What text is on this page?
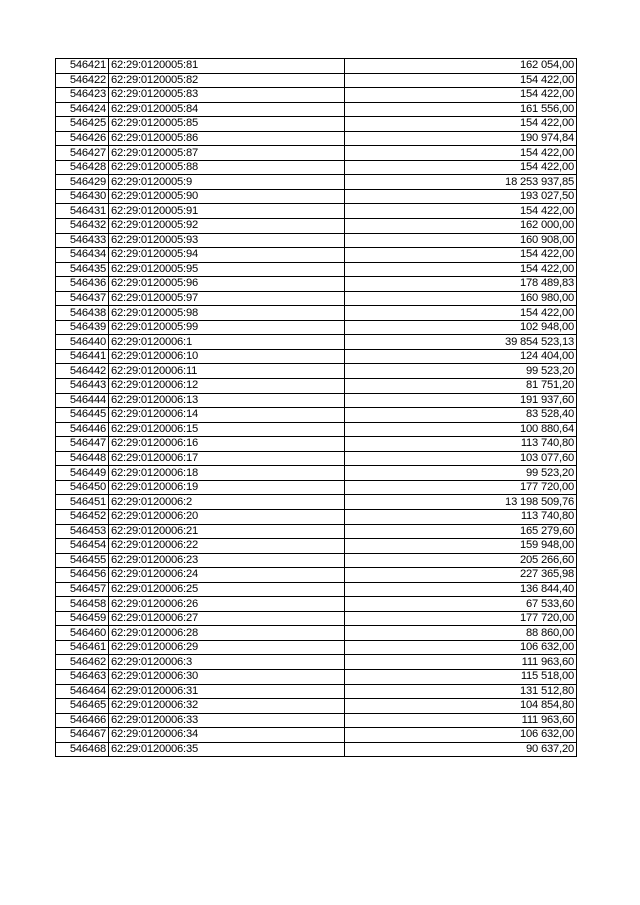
546421	62:29:0120005:81	162 054,00
546422	62:29:0120005:82	154 422,00
546423	62:29:0120005:83	154 422,00
546424	62:29:0120005:84	161 556,00
546425	62:29:0120005:85	154 422,00
546426	62:29:0120005:86	190 974,84
546427	62:29:0120005:87	154 422,00
546428	62:29:0120005:88	154 422,00
546429	62:29:0120005:9	18 253 937,85
546430	62:29:0120005:90	193 027,50
546431	62:29:0120005:91	154 422,00
546432	62:29:0120005:92	162 000,00
546433	62:29:0120005:93	160 908,00
546434	62:29:0120005:94	154 422,00
546435	62:29:0120005:95	154 422,00
546436	62:29:0120005:96	178 489,83
546437	62:29:0120005:97	160 980,00
546438	62:29:0120005:98	154 422,00
546439	62:29:0120005:99	102 948,00
546440	62:29:0120006:1	39 854 523,13
546441	62:29:0120006:10	124 404,00
546442	62:29:0120006:11	99 523,20
546443	62:29:0120006:12	81 751,20
546444	62:29:0120006:13	191 937,60
546445	62:29:0120006:14	83 528,40
546446	62:29:0120006:15	100 880,64
546447	62:29:0120006:16	113 740,80
546448	62:29:0120006:17	103 077,60
546449	62:29:0120006:18	99 523,20
546450	62:29:0120006:19	177 720,00
546451	62:29:0120006:2	13 198 509,76
546452	62:29:0120006:20	113 740,80
546453	62:29:0120006:21	165 279,60
546454	62:29:0120006:22	159 948,00
546455	62:29:0120006:23	205 266,60
546456	62:29:0120006:24	227 365,98
546457	62:29:0120006:25	136 844,40
546458	62:29:0120006:26	67 533,60
546459	62:29:0120006:27	177 720,00
546460	62:29:0120006:28	88 860,00
546461	62:29:0120006:29	106 632,00
546462	62:29:0120006:3	111 963,60
546463	62:29:0120006:30	115 518,00
546464	62:29:0120006:31	131 512,80
546465	62:29:0120006:32	104 854,80
546466	62:29:0120006:33	111 963,60
546467	62:29:0120006:34	106 632,00
546468	62:29:0120006:35	90 637,20
